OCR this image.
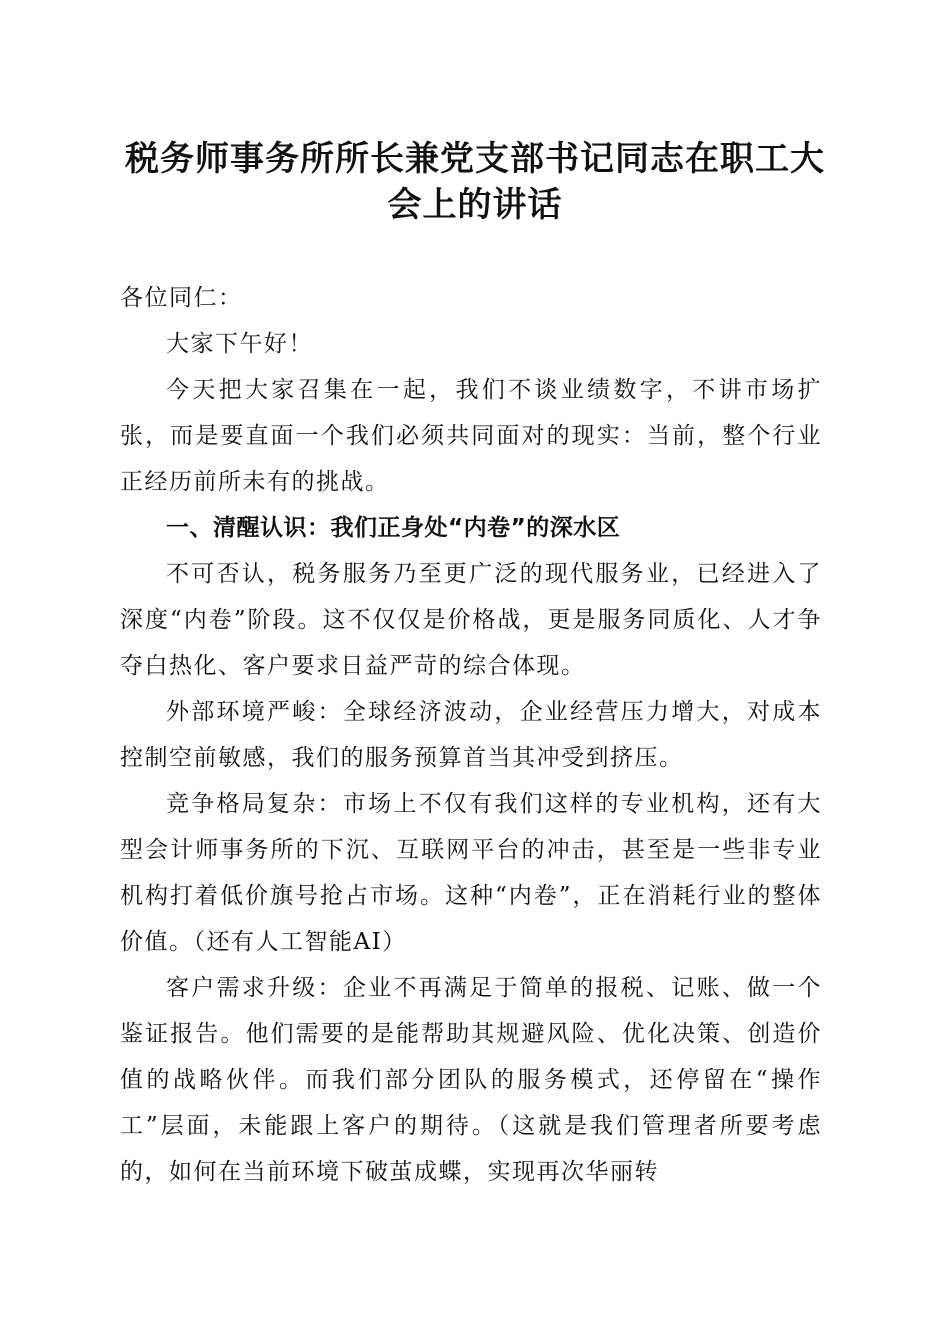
税务师事务所所长兼党支部书记同志在职工大会上的讲话

各位同仁：

大家下午好！

今天把大家召集在一起，我们不谈业绩数字，不讲市场扩张，而是要直面一个我们必须共同面对的现实：当前，整个行业正经历前所未有的挑战。

一、清醒认识：我们正身处“内卷”的深水区

不可否认，税务服务乃至更广泛的现代服务业，已经进入了深度“内卷”阶段。这不仅仅是价格战，更是服务同质化、人才争夺白热化、客户要求日益严苛的综合体现。

外部环境严峻：全球经济波动，企业经营压力增大，对成本控制空前敏感，我们的服务预算首当其冲受到挤压。

竞争格局复杂：市场上不仅有我们这样的专业机构，还有大型会计师事务所的下沉、互联网平台的冲击，甚至是一些非专业机构打着低价旗号抢占市场。这种“内卷”，正在消耗行业的整体价值。（还有人工智能AI）

客户需求升级：企业不再满足于简单的报税、记账、做一个鉴证报告。他们需要的是能帮助其规避风险、优化决策、创造价值的战略伙伴。而我们部分团队的服务模式，还停留在“操作工”层面，未能跟上客户的期待。（这就是我们管理者所要考虑的，如何在当前环境下破茧成蝶，实现再次华丽转
